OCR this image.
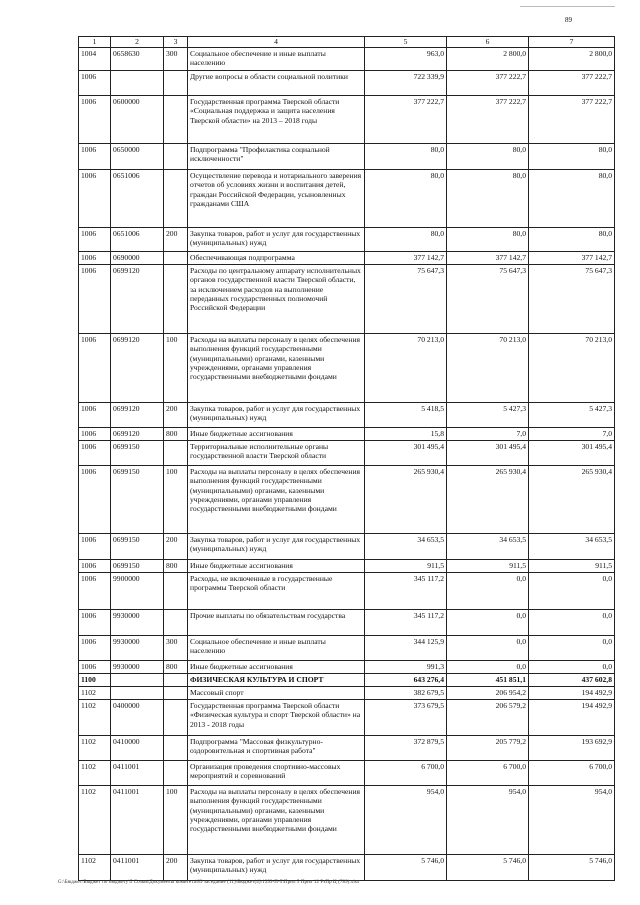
89
1	2	3	4	5	6	7
1004	0658630	300	Социальное обеспечение и иные выплаты населению	963,0	2 800,0	2 800,0
1006			Другие вопросы в области социальной политики	722 339,9	377 222,7	377 222,7
1006	0600000		Государственная программа Тверской области «Социальная поддержка и защита населения Тверской области» на 2013 – 2018 годы	377 222,7	377 222,7	377 222,7
1006	0650000		Подпрограмма "Профилактика социальной исключенности"	80,0	80,0	80,0
1006	0651006		Осуществление перевода и нотариального заверения отчетов об условиях жизни и воспитания детей, граждан Российской Федерации, усыновленных гражданами США	80,0	80,0	80,0
1006	0651006	200	Закупка товаров, работ и услуг для государственных (муниципальных) нужд	80,0	80,0	80,0
1006	0690000		Обеспечивающая подпрограмма	377 142,7	377 142,7	377 142,7
1006	0699120		Расходы по центральному аппарату исполнительных органов государственной власти Тверской области, за исключением расходов на выполнение переданных государственных полномочий Российской Федерации	75 647,3	75 647,3	75 647,3
1006	0699120	100	Расходы на выплаты персоналу в целях обеспечения выполнения функций государственными (муниципальными) органами, казенными учреждениями, органами управления государственными внебюджетными фондами	70 213,0	70 213,0	70 213,0
1006	0699120	200	Закупка товаров, работ и услуг для государственных (муниципальных) нужд	5 418,5	5 427,3	5 427,3
1006	0699120	800	Иные бюджетные ассигнования	15,8	7,0	7,0
1006	0699150		Территориальные исполнительные органы государственной власти Тверской области	301 495,4	301 495,4	301 495,4
1006	0699150	100	Расходы на выплаты персоналу в целях обеспечения выполнения функций государственными (муниципальными) органами, казенными учреждениями, органами управления государственными внебюджетными фондами	265 930,4	265 930,4	265 930,4
1006	0699150	200	Закупка товаров, работ и услуг для государственных (муниципальных) нужд	34 653,5	34 653,5	34 653,5
1006	0699150	800	Иные бюджетные ассигнования	911,5	911,5	911,5
1006	9900000		Расходы, не включенные в государственные программы Тверской области	345 117,2	0,0	0,0
1006	9930000		Прочие выплаты по обязательствам государства	345 117,2	0,0	0,0
1006	9930000	300	Социальное обеспечение и иные выплаты населению	344 125,9	0,0	0,0
1006	9930000	800	Иные бюджетные ассигнования	991,3	0,0	0,0
1100			ФИЗИЧЕСКАЯ КУЛЬТУРА И СПОРТ	643 276,4	451 851,1	437 602,8
1102			Массовый спорт	382 679,5	206 954,2	194 492,9
1102	0400000		Государственная программа Тверской области «Физическая культура и спорт Тверской области» на 2013 - 2018 годы	373 679,5	206 579,2	194 492,9
1102	0410000		Подпрограмма "Массовая физкультурно-оздоровительная и спортивная работа"	372 879,5	205 779,2	193 692,9
1102	0411001		Организация проведения спортивно-массовых мероприятий и соревнований	6 700,0	6 700,0	6 700,0
1102	0411001	100	Расходы на выплаты персоналу в целях обеспечения выполнения функций государственными (муниципальными) органами, казенными учреждениями, органами управления государственными внебюджетными фондами	954,0	954,0	954,0
1102	0411001	200	Закупка товаров, работ и услуг для государственных (муниципальных) нужд	5 746,0	5 746,0	5 746,0
G:\Бюджет\Бюджет по бюджету\5 Созыв\Документы комитета\89 заседание (11)\Бюджет(4)\1393-П-5\Прил 5 Прил 12 РзПр Ц (789).xlsx
